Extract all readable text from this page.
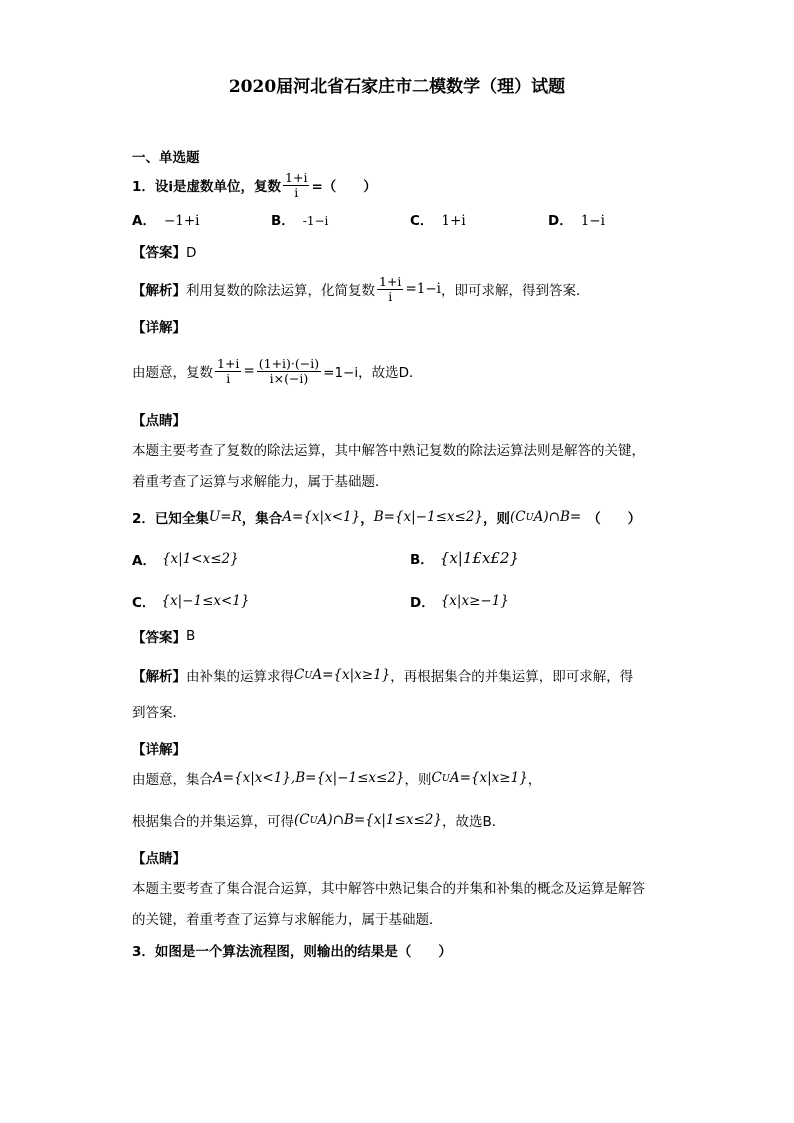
2020届河北省石家庄市二模数学（理）试题
一、单选题
1．设i是虚数单位，复数 $\frac{1+i}{i}$ =（　　）
A． −1+i	B． -1−i	C． 1+i	D． 1−i
【答案】 D
【解析】 利用复数的除法运算，化简复数 $\frac{1+i}{i} =1-i$ ，即可求解，得到答案．
【详解】
由题意，复数 $\frac{1+i}{i} = \frac{(1+i)\cdot(-i)}{i\times(-i)} =1-i$，故选D．
【点睛】
本题主要考查了复数的除法运算，其中解答中熟记复数的除法运算法则是解答的关键，
着重考查了运算与求解能力，属于基础题．
2．已知全集 U=R ，集合 A={x|x<1} ， B={x|−1≤x≤2} ，则 (C U A)∩B= （　　）
A． {x|1<x≤2}	B． {x|1£x£2}
C． {x|−1≤x<1}	D． {x|x≥−1}
【答案】 B
【解析】 由补集的运算求得 C U A={x|x≥1} ，再根据集合的并集运算，即可求解，得
到答案．
【详解】
由题意，集合 A={x|x<1},B={x|−1≤x≤2} ，则 C U A={x|x≥1} ，
根据集合的并集运算，可得 (C U A)∩B={x|1≤x≤2} ，故选B．
【点睛】
本题主要考查了集合混合运算，其中解答中熟记集合的并集和补集的概念及运算是解答
的关键，着重考查了运算与求解能力，属于基础题．
3．如图是一个算法流程图，则输出的结果是（　　）
